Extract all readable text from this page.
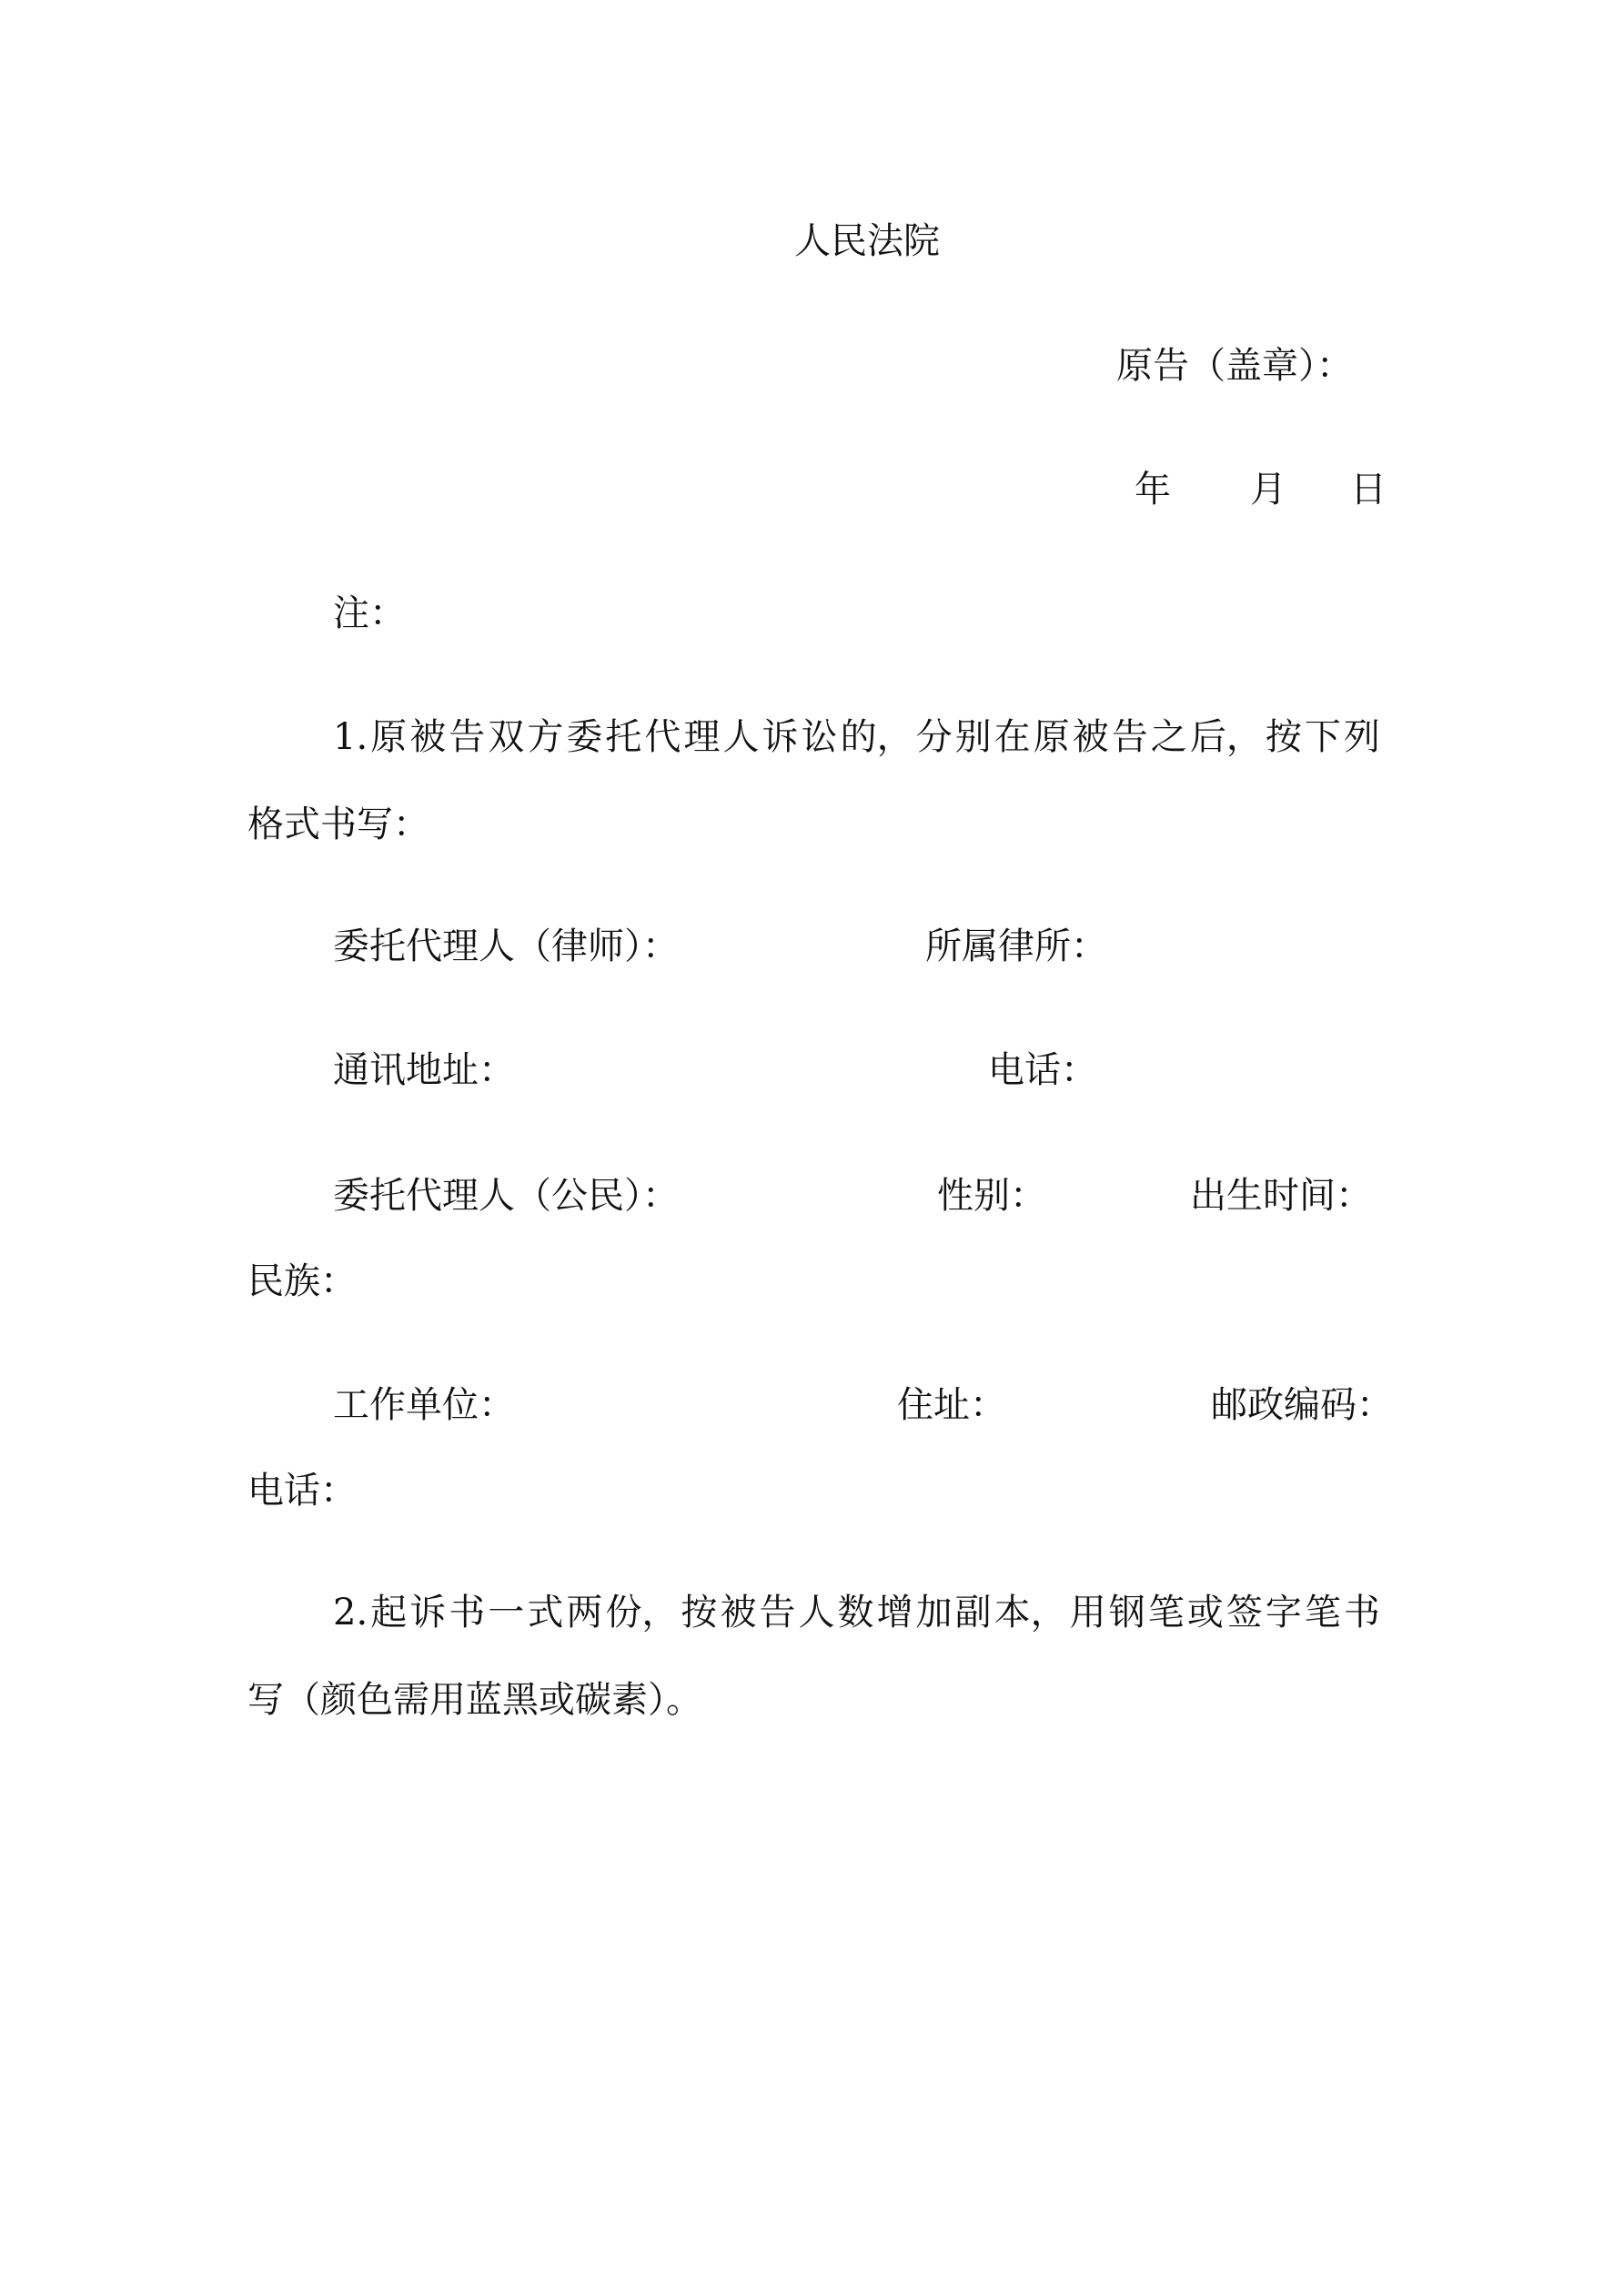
人民法院
原告（盖章）：
年 月 日
注：
1. 原 被 告 双 方 委 托 代 理 人 诉 讼 的， 分 别 在 原 被 告 之 后， 按 下 列
格式书写：
委托代理人（律师）：	所属律所：
通讯地址：	电话：
委托代理人（公民）：	性别：	出生时间：
民族：
工作单位：	住址：	邮政编码：
电话：
2. 起 诉 书 一 式 两 份， 按 被 告 人 数 增 加 副 本， 用 钢 笔 或 签 字 笔 书
写（颜色需用蓝黑或碳素）。
